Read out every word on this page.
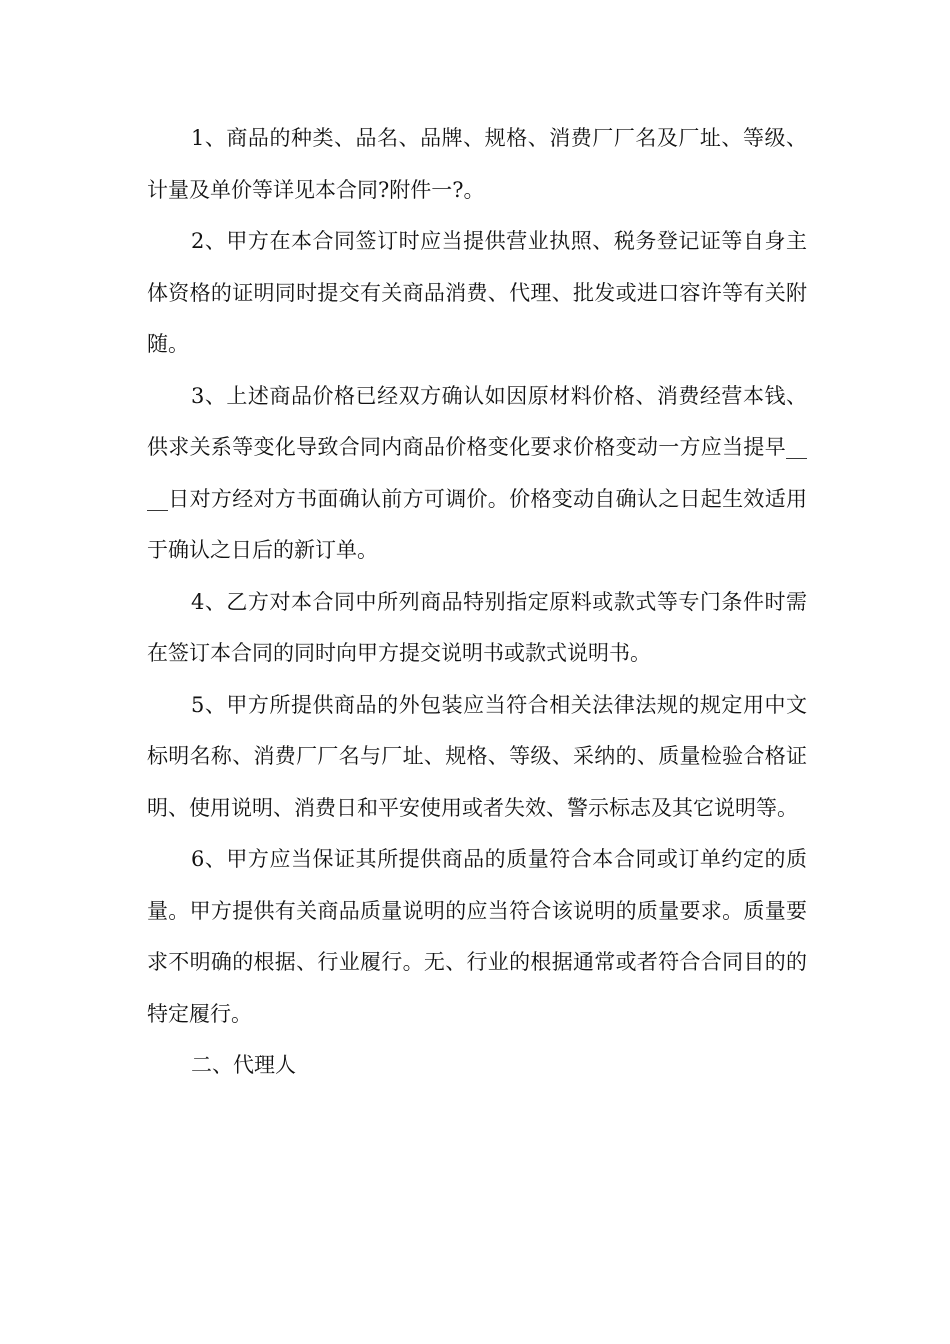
1、商品的种类、品名、品牌、规格、消费厂厂名及厂址、等级、计量及单价等详见本合同?附件一?。

2、甲方在本合同签订时应当提供营业执照、税务登记证等自身主体资格的证明同时提交有关商品消费、代理、批发或进口容许等有关附随。

3、上述商品价格已经双方确认如因原材料价格、消费经营本钱、供求关系等变化导致合同内商品价格变化要求价格变动一方应当提早____日对方经对方书面确认前方可调价。价格变动自确认之日起生效适用于确认之日后的新订单。

4、乙方对本合同中所列商品特别指定原料或款式等专门条件时需在签订本合同的同时向甲方提交说明书或款式说明书。

5、甲方所提供商品的外包装应当符合相关法律法规的规定用中文标明名称、消费厂厂名与厂址、规格、等级、采纳的、质量检验合格证明、使用说明、消费日和平安使用或者失效、警示标志及其它说明等。

6、甲方应当保证其所提供商品的质量符合本合同或订单约定的质量。甲方提供有关商品质量说明的应当符合该说明的质量要求。质量要求不明确的根据、行业履行。无、行业的根据通常或者符合合同目的的特定履行。

二、代理人
